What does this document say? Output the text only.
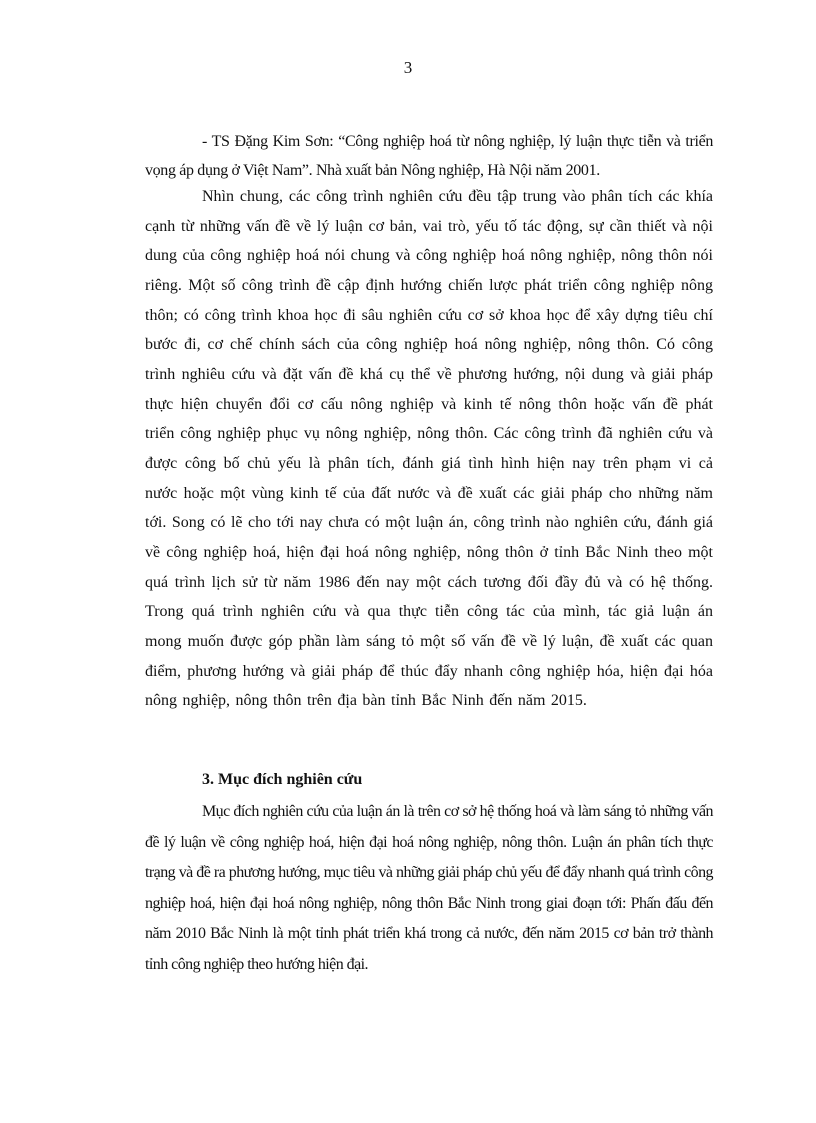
3

- TS Đặng Kim Sơn: “Công nghiệp hoá từ nông nghiệp, lý luận thực tiễn và triển vọng áp dụng ở Việt Nam”. Nhà xuất bản Nông nghiệp, Hà Nội năm 2001.

Nhìn chung, các công trình nghiên cứu đều tập trung vào phân tích các khía cạnh từ những vấn đề về lý luận cơ bản, vai trò, yếu tố tác động, sự cần thiết và nội dung của công nghiệp hoá nói chung và công nghiệp hoá nông nghiệp, nông thôn nói riêng. Một số công trình đề cập định hướng chiến lược phát triển công nghiệp nông thôn; có công trình khoa học đi sâu nghiên cứu cơ sở khoa học để xây dựng tiêu chí bước đi, cơ chế chính sách của công nghiệp hoá nông nghiệp, nông thôn. Có công trình nghiêu cứu và đặt vấn đề khá cụ thể về phương hướng, nội dung và giải pháp thực hiện chuyển đổi cơ cấu nông nghiệp và kinh tế nông thôn hoặc vấn đề phát triển công nghiệp phục vụ nông nghiệp, nông thôn. Các công trình đã nghiên cứu và được công bố chủ yếu là phân tích, đánh giá tình hình hiện nay trên phạm vi cả nước hoặc một vùng kinh tế của đất nước và đề xuất các giải pháp cho những năm tới. Song có lẽ cho tới nay chưa có một luận án, công trình nào nghiên cứu, đánh giá về công nghiệp hoá, hiện đại hoá nông nghiệp, nông thôn ở tỉnh Bắc Ninh theo một quá trình lịch sử từ năm 1986 đến nay một cách tương đối đầy đủ và có hệ thống. Trong quá trình nghiên cứu và qua thực tiễn công tác của mình, tác giả luận án mong muốn được góp phần làm sáng tỏ một số vấn đề về lý luận, đề xuất các quan điểm, phương hướng và giải pháp để thúc đẩy nhanh công nghiệp hóa, hiện đại hóa nông nghiệp, nông thôn trên địa bàn tỉnh Bắc Ninh đến năm 2015.

3. Mục đích nghiên cứu

Mục đích nghiên cứu của luận án là trên cơ sở hệ thống hoá và làm sáng tỏ những vấn đề lý luận về công nghiệp hoá, hiện đại hoá nông nghiệp, nông thôn. Luận án phân tích thực trạng và đề ra phương hướng, mục tiêu và những giải pháp chủ yếu để đẩy nhanh quá trình công nghiệp hoá, hiện đại hoá nông nghiệp, nông thôn Bắc Ninh trong giai đoạn tới: Phấn đấu đến năm 2010 Bắc Ninh là một tỉnh phát triển khá trong cả nước, đến năm 2015 cơ bản trở thành tỉnh công nghiệp theo hướng hiện đại.
